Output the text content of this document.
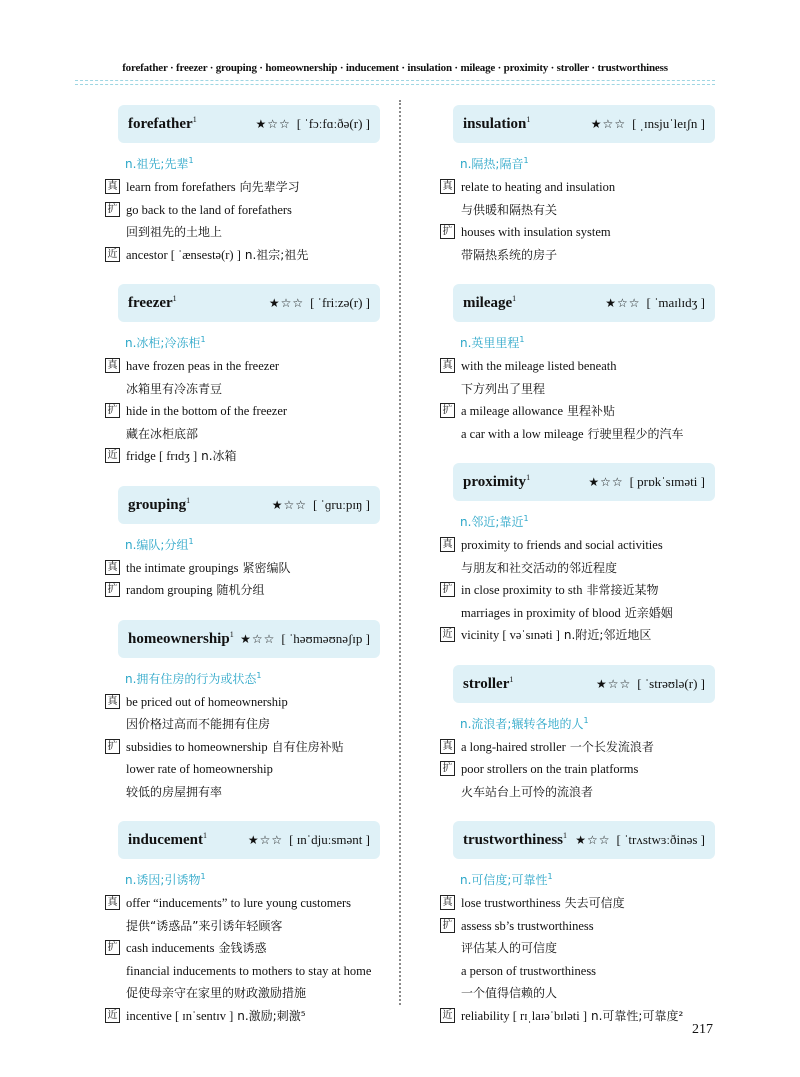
forefather · freezer · grouping · homeownership · inducement · insulation · mileage · proximity · stroller · trustworthiness
forefather$^1$	★☆☆ [ ˈfɔːfɑːðə(r) ]
n.祖先;先辈$^1$
真 learn from forefathers 向先辈学习
扩 go back to the land of forefathers
回到祖先的土地上
近 ancestor [ ˈænsestə(r) ] n.祖宗;祖先
freezer$^1$	★☆☆ [ ˈfriːzə(r) ]
n.冰柜;冷冻柜$^1$
真 have frozen peas in the freezer
冰箱里有冷冻青豆
扩 hide in the bottom of the freezer
藏在冰柜底部
近 fridge [ frɪdʒ ] n.冰箱
grouping$^1$	★☆☆ [ ˈɡruːpɪŋ ]
n.编队;分组$^1$
真 the intimate groupings 紧密编队
扩 random grouping 随机分组
homeownership$^1$ ★☆☆ [ ˈhəʊməʊnəʃɪp ]
n.拥有住房的行为或状态$^1$
真 be priced out of homeownership
因价格过高而不能拥有住房
扩 subsidies to homeownership 自有住房补贴
lower rate of homeownership
较低的房屋拥有率
inducement$^1$	★☆☆ [ ɪnˈdjuːsmənt ]
n.诱因;引诱物$^1$
真 offer “inducements” to lure young customers
提供“诱惑品”来引诱年轻顾客
扩 cash inducements 金钱诱惑
financial inducements to mothers to stay at home
促使母亲守在家里的财政激励措施
近 incentive [ ɪnˈsentɪv ] n.激励;刺激⁵
insulation$^1$	★☆☆ [ ˌɪnsjuˈleɪʃn ]
n.隔热;隔音$^1$
真 relate to heating and insulation
与供暖和隔热有关
扩 houses with insulation system
带隔热系统的房子
mileage$^1$	★☆☆ [ ˈmaɪlɪdʒ ]
n.英里里程$^1$
真 with the mileage listed beneath
下方列出了里程
扩 a mileage allowance 里程补贴
a car with a low mileage 行驶里程少的汽车
proximity$^1$	★☆☆ [ prɒkˈsɪməti ]
n.邻近;靠近$^1$
真 proximity to friends and social activities
与朋友和社交活动的邻近程度
扩 in close proximity to sth 非常接近某物
marriages in proximity of blood 近亲婚姻
近 vicinity [ vəˈsɪnəti ] n.附近;邻近地区
stroller$^1$	★☆☆ [ ˈstrəʊlə(r) ]
n.流浪者;辗转各地的人$^1$
真 a long-haired stroller 一个长发流浪者
扩 poor strollers on the train platforms
火车站台上可怜的流浪者
trustworthiness$^1$ ★☆☆ [ ˈtrʌstwɜːðinəs ]
n.可信度;可靠性$^1$
真 lose trustworthiness 失去可信度
扩 assess sb’s trustworthiness
评估某人的可信度
a person of trustworthiness
一个值得信赖的人
近 reliability [ rɪˌlaɪəˈbɪləti ] n.可靠性;可靠度²
217
